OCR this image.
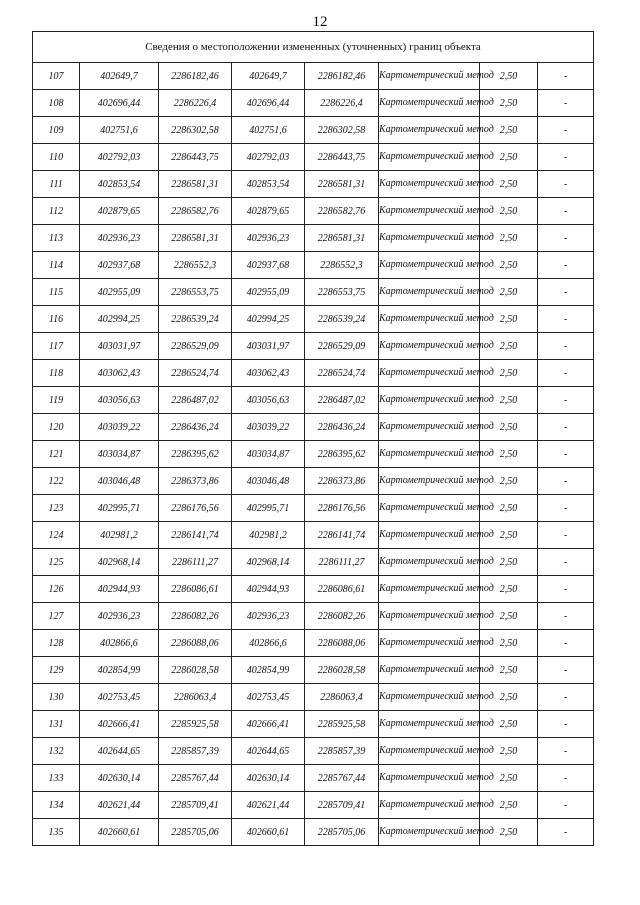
12
Сведения о местоположении измененных (уточненных) границ объекта							
107	402649,7	2286182,46	402649,7	2286182,46	Картометрический метод	2,50	-
108	402696,44	2286226,4	402696,44	2286226,4	Картометрический метод	2,50	-
109	402751,6	2286302,58	402751,6	2286302,58	Картометрический метод	2,50	-
110	402792,03	2286443,75	402792,03	2286443,75	Картометрический метод	2,50	-
111	402853,54	2286581,31	402853,54	2286581,31	Картометрический метод	2,50	-
112	402879,65	2286582,76	402879,65	2286582,76	Картометрический метод	2,50	-
113	402936,23	2286581,31	402936,23	2286581,31	Картометрический метод	2,50	-
114	402937,68	2286552,3	402937,68	2286552,3	Картометрический метод	2,50	-
115	402955,09	2286553,75	402955,09	2286553,75	Картометрический метод	2,50	-
116	402994,25	2286539,24	402994,25	2286539,24	Картометрический метод	2,50	-
117	403031,97	2286529,09	403031,97	2286529,09	Картометрический метод	2,50	-
118	403062,43	2286524,74	403062,43	2286524,74	Картометрический метод	2,50	-
119	403056,63	2286487,02	403056,63	2286487,02	Картометрический метод	2,50	-
120	403039,22	2286436,24	403039,22	2286436,24	Картометрический метод	2,50	-
121	403034,87	2286395,62	403034,87	2286395,62	Картометрический метод	2,50	-
122	403046,48	2286373,86	403046,48	2286373,86	Картометрический метод	2,50	-
123	402995,71	2286176,56	402995,71	2286176,56	Картометрический метод	2,50	-
124	402981,2	2286141,74	402981,2	2286141,74	Картометрический метод	2,50	-
125	402968,14	2286111,27	402968,14	2286111,27	Картометрический метод	2,50	-
126	402944,93	2286086,61	402944,93	2286086,61	Картометрический метод	2,50	-
127	402936,23	2286082,26	402936,23	2286082,26	Картометрический метод	2,50	-
128	402866,6	2286088,06	402866,6	2286088,06	Картометрический метод	2,50	-
129	402854,99	2286028,58	402854,99	2286028,58	Картометрический метод	2,50	-
130	402753,45	2286063,4	402753,45	2286063,4	Картометрический метод	2,50	-
131	402666,41	2285925,58	402666,41	2285925,58	Картометрический метод	2,50	-
132	402644,65	2285857,39	402644,65	2285857,39	Картометрический метод	2,50	-
133	402630,14	2285767,44	402630,14	2285767,44	Картометрический метод	2,50	-
134	402621,44	2285709,41	402621,44	2285709,41	Картометрический метод	2,50	-
135	402660,61	2285705,06	402660,61	2285705,06	Картометрический метод	2,50	-
